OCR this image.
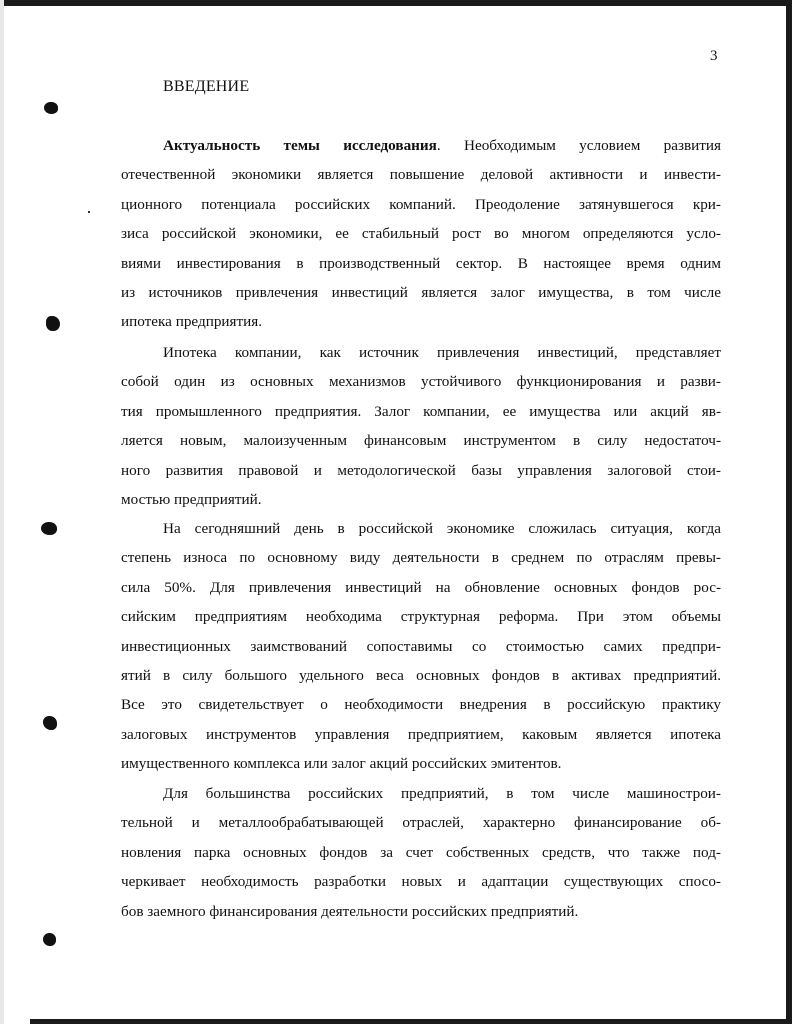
3
ВВЕДЕНИЕ
Актуальность темы исследования. Необходимым условием развития
отечественной экономики является повышение деловой активности и инвести-
ционного потенциала российских компаний. Преодоление затянувшегося кри-
зиса российской экономики, ее стабильный рост во многом определяются усло-
виями инвестирования в производственный сектор. В настоящее время одним
из источников привлечения инвестиций является залог имущества, в том числе
ипотека предприятия.
Ипотека компании, как источник привлечения инвестиций, представляет
собой один из основных механизмов устойчивого функционирования и разви-
тия промышленного предприятия. Залог компании, ее имущества или акций яв-
ляется новым, малоизученным финансовым инструментом в силу недостаточ-
ного развития правовой и методологической базы управления залоговой стои-
мостью предприятий.
На сегодняшний день в российской экономике сложилась ситуация, когда
степень износа по основному виду деятельности в среднем по отраслям превы-
сила 50%. Для привлечения инвестиций на обновление основных фондов рос-
сийским предприятиям необходима структурная реформа. При этом объемы
инвестиционных заимствований сопоставимы со стоимостью самих предпри-
ятий в силу большого удельного веса основных фондов в активах предприятий.
Все это свидетельствует о необходимости внедрения в российскую практику
залоговых инструментов управления предприятием, каковым является ипотека
имущественного комплекса или залог акций российских эмитентов.
Для большинства российских предприятий, в том числе машинострои-
тельной и металлообрабатывающей отраслей, характерно финансирование об-
новления парка основных фондов за счет собственных средств, что также под-
черкивает необходимость разработки новых и адаптации существующих спосо-
бов заемного финансирования деятельности российских предприятий.
